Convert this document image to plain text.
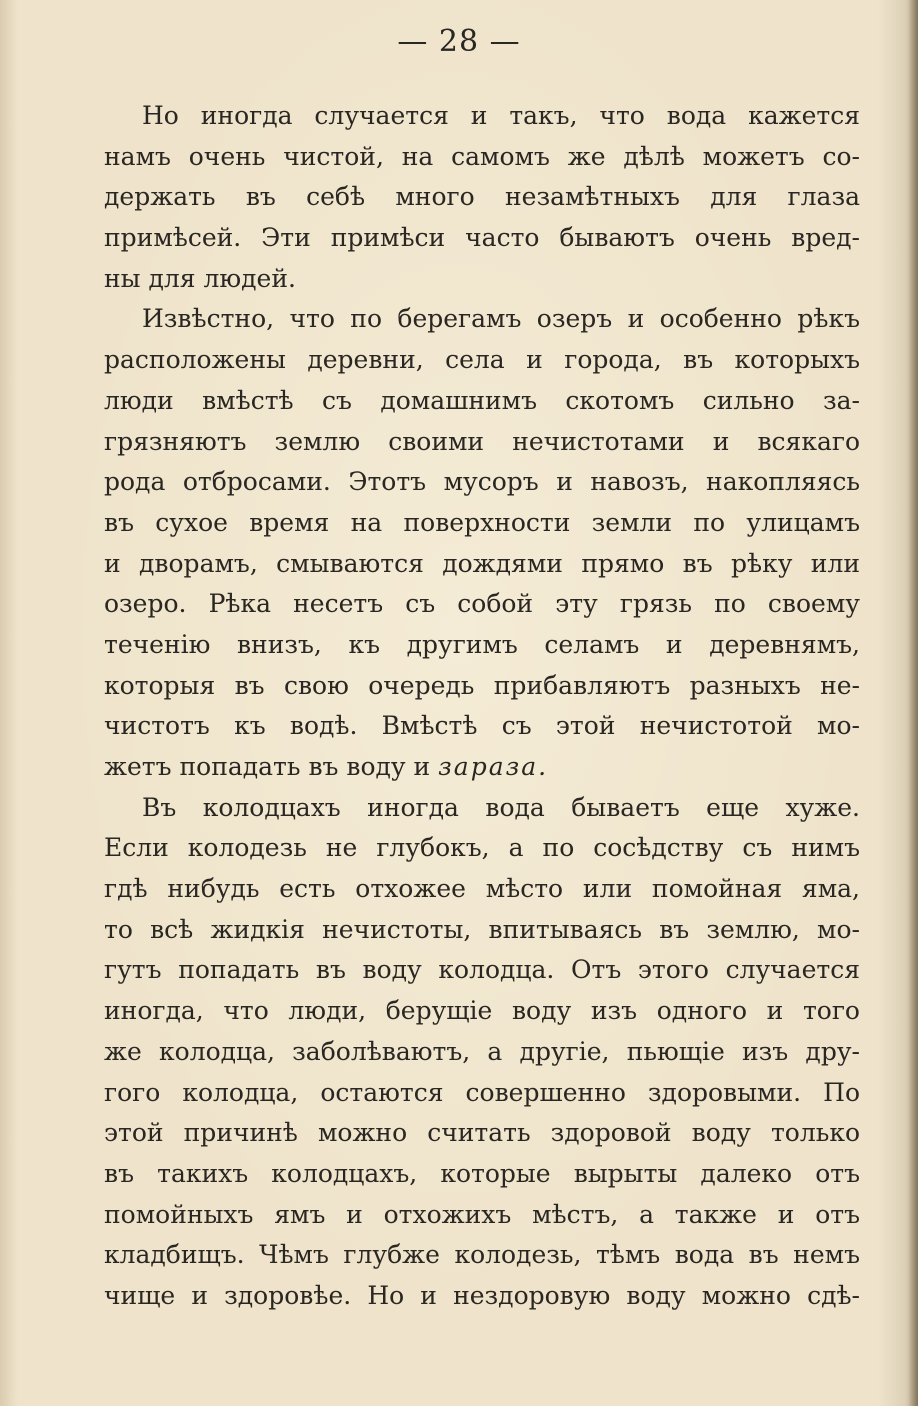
— 28 —
Но иногда случается и такъ, что вода кажется
намъ очень чистой, на самомъ же дѣлѣ можетъ со-
держать въ себѣ много незамѣтныхъ для глаза
примѣсей. Эти примѣси часто бываютъ очень вред-
ны для людей.
Извѣстно, что по берегамъ озеръ и особенно рѣкъ
расположены деревни, села и города, въ которыхъ
люди вмѣстѣ съ домашнимъ скотомъ сильно за-
грязняютъ землю своими нечистотами и всякаго
рода отбросами. Этотъ мусоръ и навозъ, накопляясь
въ сухое время на поверхности земли по улицамъ
и дворамъ, смываются дождями прямо въ рѣку или
озеро. Рѣка несетъ съ собой эту грязь по своему
теченію внизъ, къ другимъ селамъ и деревнямъ,
которыя въ свою очередь прибавляютъ разныхъ не-
чистотъ къ водѣ. Вмѣстѣ съ этой нечистотой мо-
жетъ попадать въ воду и зараза.
Въ колодцахъ иногда вода бываетъ еще хуже.
Если колодезь не глубокъ, а по сосѣдству съ нимъ
гдѣ нибудь есть отхожее мѣсто или помойная яма,
то всѣ жидкія нечистоты, впитываясь въ землю, мо-
гутъ попадать въ воду колодца. Отъ этого случается
иногда, что люди, берущіе воду изъ одного и того
же колодца, заболѣваютъ, а другіе, пьющіе изъ дру-
гого колодца, остаются совершенно здоровыми. По
этой причинѣ можно считать здоровой воду только
въ такихъ колодцахъ, которые вырыты далеко отъ
помойныхъ ямъ и отхожихъ мѣстъ, а также и отъ
кладбищъ. Чѣмъ глубже колодезь, тѣмъ вода въ немъ
чище и здоровѣе. Но и нездоровую воду можно сдѣ-
